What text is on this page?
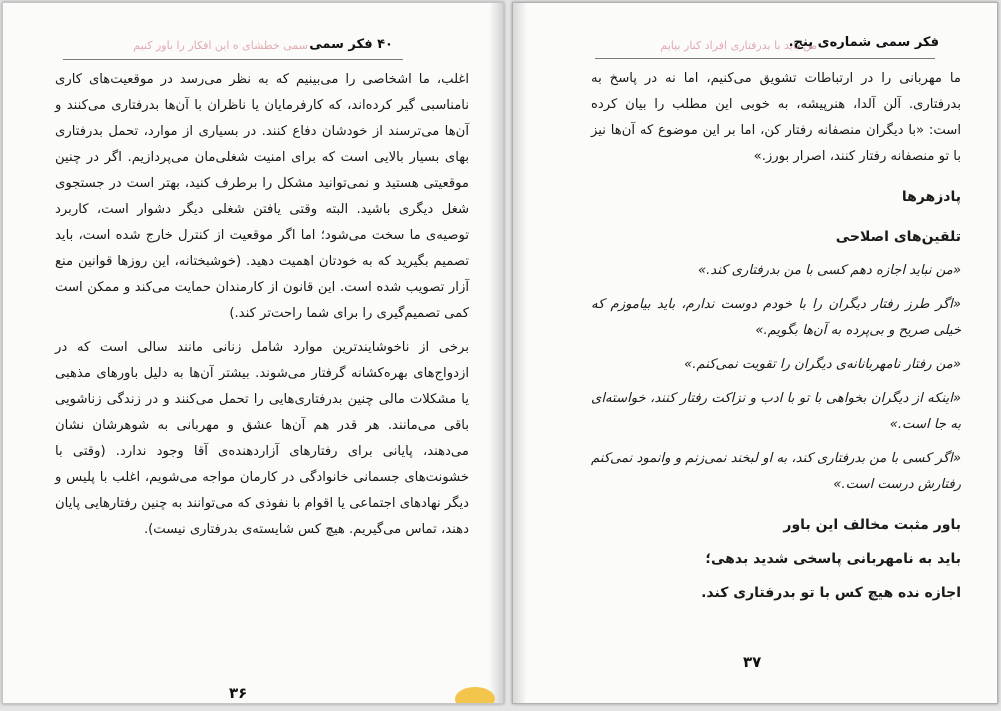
۴۰ فکر سمی
سمی خطشای ه این افکار را باور کنیم

اغلب، ما اشخاصی را می‌بینیم که به نظر می‌رسد در موقعیت‌های کاری نامناسبی گیر کرده‌اند، که کارفرمایان یا ناظران با آن‌ها بدرفتاری می‌کنند و آن‌ها می‌ترسند از خودشان دفاع کنند. در بسیاری از موارد، تحمل بدرفتاری بهای بسیار بالایی است که برای امنیت شغلی‌مان می‌پردازیم. اگر در چنین موقعیتی هستید و نمی‌توانید مشکل را برطرف کنید، بهتر است در جستجوی شغل دیگری باشید. البته وقتی یافتن شغلی دیگر دشوار است، کاربرد توصیه‌ی ما سخت می‌شود؛ اما اگر موقعیت از کنترل خارج شده است، باید تصمیم بگیرید که به خودتان اهمیت دهید. (خوشبختانه، این روزها قوانین منع آزار تصویب شده است. این قانون از کارمندان حمایت می‌کند و ممکن است کمی تصمیم‌گیری را برای شما راحت‌تر کند.)

برخی از ناخوشایندترین موارد شامل زنانی مانند سالی است که در ازدواج‌های بهره‌کشانه گرفتار می‌شوند. بیشتر آن‌ها به دلیل باورهای مذهبی یا مشکلات مالی چنین بدرفتاری‌هایی را تحمل می‌کنند و در زندگی زناشویی باقی می‌مانند. هر قدر هم آن‌ها عشق و مهربانی به شوهرشان نشان می‌دهند، پایانی برای رفتارهای آزاردهنده‌ی آقا وجود ندارد. (وقتی با خشونت‌های جسمانی خانوادگی در کارمان مواجه می‌شویم، اغلب با پلیس و دیگر نهادهای اجتماعی یا اقوام با نفوذی که می‌توانند به چنین رفتارهایی پایان دهند، تماس می‌گیریم. هیچ کس شایسته‌ی بدرفتاری نیست).

۳۶
فکر سمی شماره‌ی پنج.
من باید با بدرفتاری افراد کنار بیایم

ما مهربانی را در ارتباطات تشویق می‌کنیم، اما نه در پاسخ به بدرفتاری. آلن آلدا، هنرپیشه، به خوبی این مطلب را بیان کرده است: «با دیگران منصفانه رفتار کن، اما بر این موضوع که آن‌ها نیز با تو منصفانه رفتار کنند، اصرار بورز.»

پادزهرها
تلقین‌های اصلاحی

«من نباید اجازه دهم کسی با من بدرفتاری کند.»

«اگر طرز رفتار دیگران را با خودم دوست ندارم، باید بیاموزم که خیلی صریح و بی‌پرده به آن‌ها بگویم.»

«من رفتار نامهربانانه‌ی دیگران را تقویت نمی‌کنم.»

«اینکه از دیگران بخواهی با تو با ادب و نزاکت رفتار کنند، خواسته‌ای به جا است.»

«اگر کسی با من بدرفتاری کند، به او لبخند نمی‌زنم و وانمود نمی‌کنم رفتارش درست است.»

باور مثبت مخالف این باور

باید به نامهربانی پاسخی شدید بدهی؛

اجازه نده هیچ کس با تو بدرفتاری کند.

۳۷
